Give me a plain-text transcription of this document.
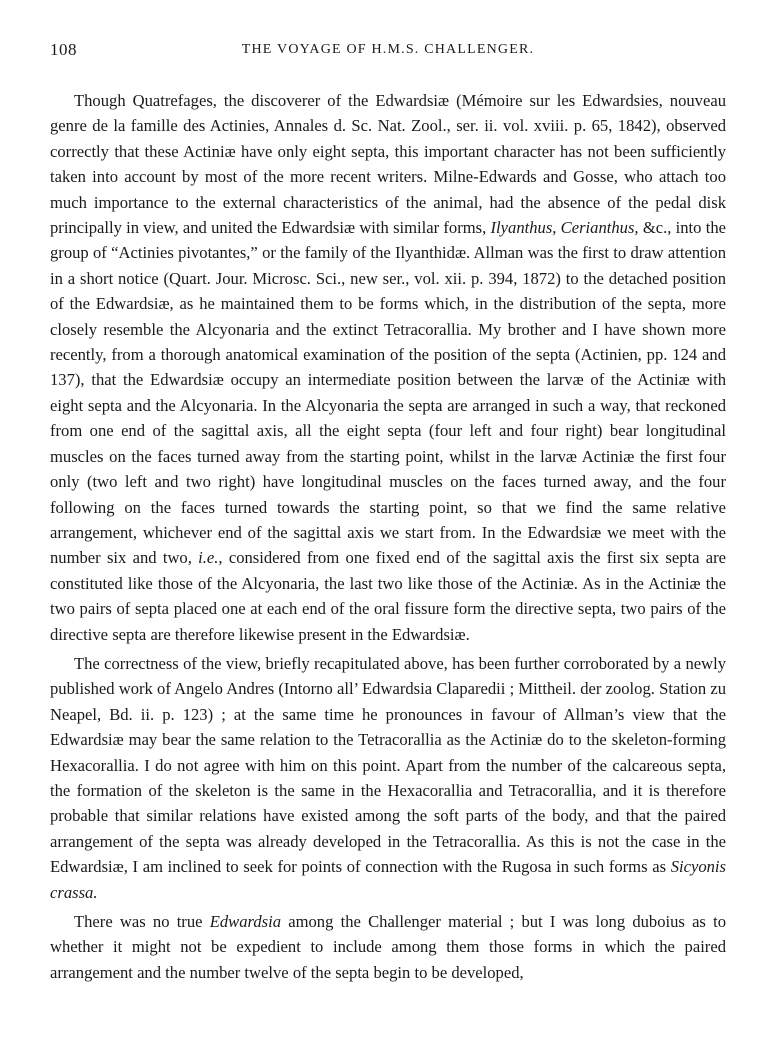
108	THE VOYAGE OF H.M.S. CHALLENGER.

Though Quatrefages, the discoverer of the Edwardsiæ (Mémoire sur les Edwardsies, nouveau genre de la famille des Actinies, Annales d. Sc. Nat. Zool., ser. ii. vol. xviii. p. 65, 1842), observed correctly that these Actiniæ have only eight septa, this important character has not been sufficiently taken into account by most of the more recent writers. Milne-Edwards and Gosse, who attach too much importance to the external characteristics of the animal, had the absence of the pedal disk principally in view, and united the Edwardsiæ with similar forms, Ilyanthus, Cerianthus, &c., into the group of “Actinies pivotantes,” or the family of the Ilyanthidæ. Allman was the first to draw attention in a short notice (Quart. Jour. Microsc. Sci., new ser., vol. xii. p. 394, 1872) to the detached position of the Edwardsiæ, as he maintained them to be forms which, in the distribution of the septa, more closely resemble the Alcyonaria and the extinct Tetracorallia. My brother and I have shown more recently, from a thorough anatomical examination of the position of the septa (Actinien, pp. 124 and 137), that the Edwardsiæ occupy an intermediate position between the larvæ of the Actiniæ with eight septa and the Alcyonaria. In the Alcyonaria the septa are arranged in such a way, that reckoned from one end of the sagittal axis, all the eight septa (four left and four right) bear longitudinal muscles on the faces turned away from the starting point, whilst in the larvæ Actiniæ the first four only (two left and two right) have longitudinal muscles on the faces turned away, and the four following on the faces turned towards the starting point, so that we find the same relative arrangement, whichever end of the sagittal axis we start from. In the Edwardsiæ we meet with the number six and two, i.e., considered from one fixed end of the sagittal axis the first six septa are constituted like those of the Alcyonaria, the last two like those of the Actiniæ. As in the Actiniæ the two pairs of septa placed one at each end of the oral fissure form the directive septa, two pairs of the directive septa are therefore likewise present in the Edwardsiæ.

The correctness of the view, briefly recapitulated above, has been further corroborated by a newly published work of Angelo Andres (Intorno all’ Edwardsia Claparedii ; Mittheil. der zoolog. Station zu Neapel, Bd. ii. p. 123) ; at the same time he pronounces in favour of Allman’s view that the Edwardsiæ may bear the same relation to the Tetracorallia as the Actiniæ do to the skeleton-forming Hexacorallia. I do not agree with him on this point. Apart from the number of the calcareous septa, the formation of the skeleton is the same in the Hexacorallia and Tetracorallia, and it is therefore probable that similar relations have existed among the soft parts of the body, and that the paired arrangement of the septa was already developed in the Tetracorallia. As this is not the case in the Edwardsiæ, I am inclined to seek for points of connection with the Rugosa in such forms as Sicyonis crassa.

There was no true Edwardsia among the Challenger material ; but I was long duboius as to whether it might not be expedient to include among them those forms in which the paired arrangement and the number twelve of the septa begin to be developed,
